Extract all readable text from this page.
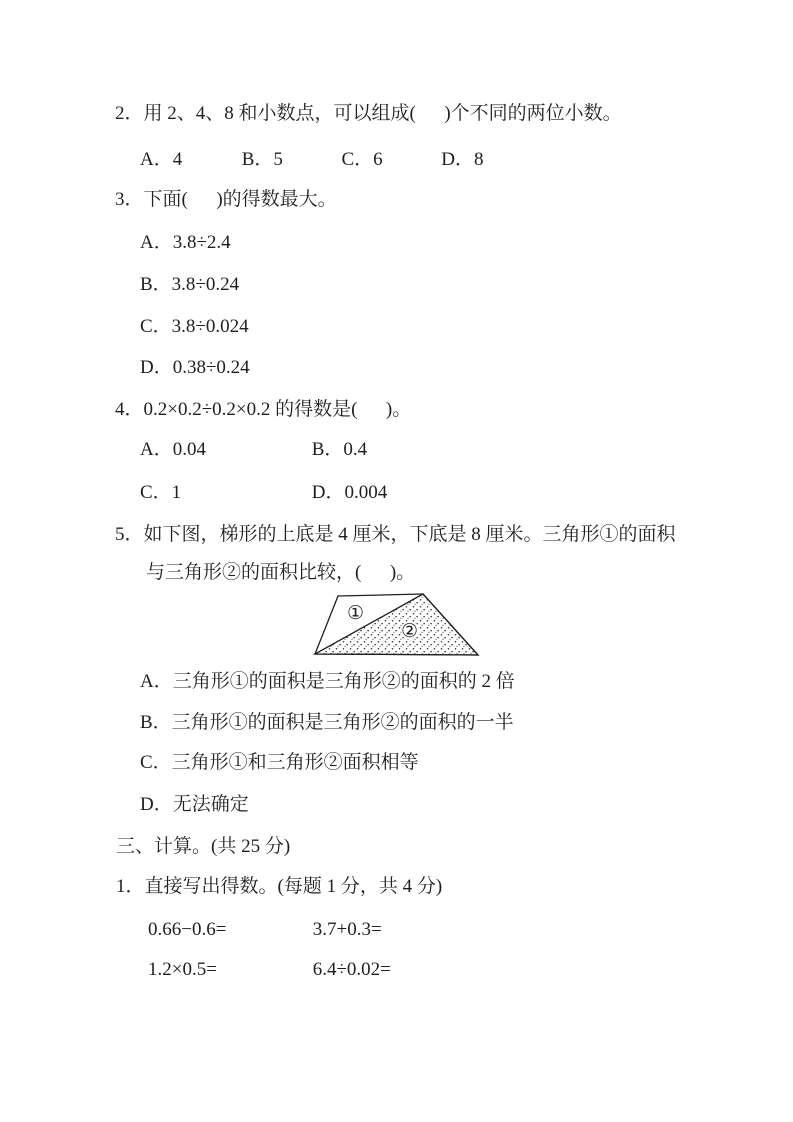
2．用 2、4、8 和小数点，可以组成(      )个不同的两位小数。
A．4	B．5	C．6	D．8
3．下面(      )的得数最大。
A．3.8÷2.4
B．3.8÷0.24
C．3.8÷0.024
D．0.38÷0.24
4．0.2×0.2÷0.2×0.2 的得数是(      )。
A．0.04	B．0.4
C．1	D．0.004
5．如下图，梯形的上底是 4 厘米，下底是 8 厘米。三角形①的面积
与三角形②的面积比较，(      )。
①
②
A．三角形①的面积是三角形②的面积的 2 倍
B．三角形①的面积是三角形②的面积的一半
C．三角形①和三角形②面积相等
D．无法确定
三、计算。(共 25 分)
1．直接写出得数。(每题 1 分，共 4 分)
0.66−0.6=	3.7+0.3=
1.2×0.5=	6.4÷0.02=
